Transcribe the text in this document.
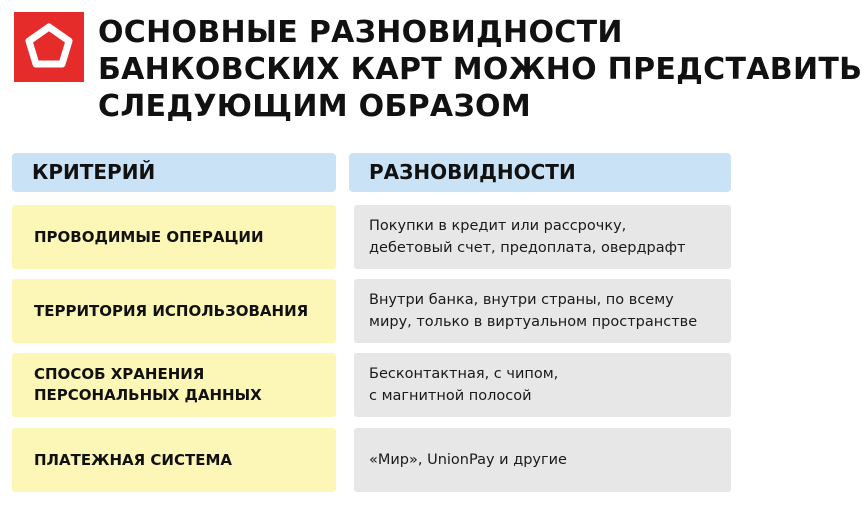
ОСНОВНЫЕ РАЗНОВИДНОСТИ
БАНКОВСКИХ КАРТ МОЖНО ПРЕДСТАВИТЬ
СЛЕДУЮЩИМ ОБРАЗОМ
КРИТЕРИЙ	РАЗНОВИДНОСТИ
ПРОВОДИМЫЕ ОПЕРАЦИИ
Покупки в кредит или рассрочку,
дебетовый счет, предоплата, овердрафт
ТЕРРИТОРИЯ ИСПОЛЬЗОВАНИЯ
Внутри банка, внутри страны, по всему
миру, только в виртуальном пространстве
СПОСОБ ХРАНЕНИЯ
ПЕРСОНАЛЬНЫХ ДАННЫХ
Бесконтактная, с чипом,
с магнитной полосой
ПЛАТЕЖНАЯ СИСТЕМА	«Мир», UnionPay и другие
